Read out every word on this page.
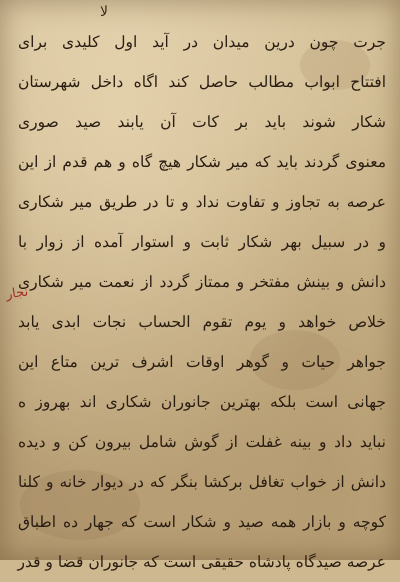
ﻻ
جرت چون درین میدان در آید اول کلیدی برای
افتتاح ابواب مطالب حاصل کند اگاه داخل شهرستان
شکار شوند باید بر کات آن یابند صید صوری
معنوی گردند باید که میر شکار هیچ گاه و هم قدم از این
عرصه به تجاوز و تفاوت نداد و تا در طریق میر شکاری
و در سبیل بهر شکار ثابت و استوار آمده از زوار با
دانش و بینش مفتخر و ممتاز گردد از نعمت میر شکاری
خلاص خواهد و یوم تقوم الحساب نجات ابدی یابد
جواهر حیات و گوهر اوقات اشرف ترین متاع این
جهانی است بلکه بهترین جانوران شکاری اند بهروز ه
نباید داد و بینه غفلت از گوش شامل بیرون کن و دیده
دانش از خواب تغافل برکشا بنگر که در دیوار خانه و کلنا
کوچه و بازار همه صید و شکار است که جهار ده اطباق
عرصه صیدگاه پادشاه حقیقی است که جانوران قضا و قدر
نجار
